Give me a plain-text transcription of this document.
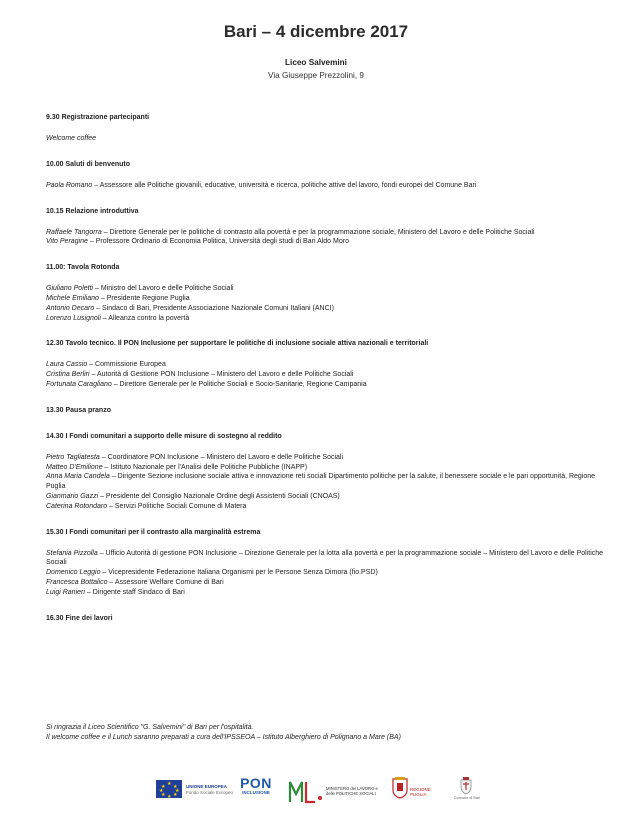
Bari – 4 dicembre 2017
Liceo Salvemini
Via Giuseppe Prezzolini, 9
9.30 Registrazione partecipanti
Welcome coffee
10.00 Saluti di benvenuto
Paola Romano – Assessore alle Politiche giovanili, educative, università e ricerca, politiche attive del lavoro, fondi europei del Comune Bari
10.15 Relazione introduttiva
Raffaele Tangorra – Direttore Generale per le politiche di contrasto alla povertà e per la programmazione sociale, Ministero del Lavoro e delle Politiche Sociali
Vito Peragine – Professore Ordinario di Economia Politica, Università degli studi di Bari Aldo Moro
11.00: Tavola Rotonda
Giuliano Poletti – Ministro del Lavoro e delle Politiche Sociali
Michele Emiliano – Presidente Regione Puglia
Antonio Decaro – Sindaco di Bari, Presidente Associazione Nazionale Comuni Italiani (ANCI)
Lorenzo Lusignoli – Alleanza contro la povertà
12.30 Tavolo tecnico. Il PON Inclusione per supportare le politiche di inclusione sociale attiva nazionali e territoriali
Laura Cassio – Commissione Europea
Cristina Berliri – Autorità di Gestione PON Inclusione – Ministero del Lavoro e delle Politiche Sociali
Fortunata Caragliano – Direttore Generale per le Politiche Sociali e Socio-Sanitarie, Regione Campania
13.30 Pausa pranzo
14.30 I Fondi comunitari a supporto delle misure di sostegno al reddito
Pietro Tagliatesta – Coordinatore PON Inclusione – Ministero del Lavoro e delle Politiche Sociali
Matteo D'Emilione – Istituto Nazionale per l'Analisi delle Politiche Pubbliche (INAPP)
Anna Maria Candela – Dirigente Sezione inclusione sociale attiva e innovazione reti sociali Dipartimento politiche per la salute, il benessere sociale e le pari opportunità, Regione Puglia
Gianmario Gazzi – Presidente del Consiglio Nazionale Ordine degli Assistenti Sociali (CNOAS)
Caterina Rotondaro – Servizi Politiche Sociali Comune di Matera
15.30 I Fondi comunitari per il contrasto alla marginalità estrema
Stefania Pizzolla – Ufficio Autorità di gestione PON Inclusione – Direzione Generale per la lotta alla povertà e per la programmazione sociale – Ministero del Lavoro e delle Politiche Sociali
Domenico Leggio – Vicepresidente Federazione Italiana Organismi per le Persone Senza Dimora (fio.PSD)
Francesca Bottalico – Assessore Welfare Comune di Bari
Luigi Ranieri – Dirigente staff Sindaco di Bari
16.30 Fine dei lavori
Si ringrazia il Liceo Scientifico "G. Salvemini" di Bari per l'ospitalità.
Il welcome coffee e il Lunch saranno preparati a cura dell'IPSSEOA – Istituto Alberghiero di Polignano a Mare (BA)
★
★ ★
★ ★
★ ★
★
UNIONE EUROPEA
Fondo Sociale Europeo
PON
INCLUSIONE
MINISTERO del LAVORO e delle POLITICHE SOCIALI
REGIONE PUGLIA
Comune di Bari
